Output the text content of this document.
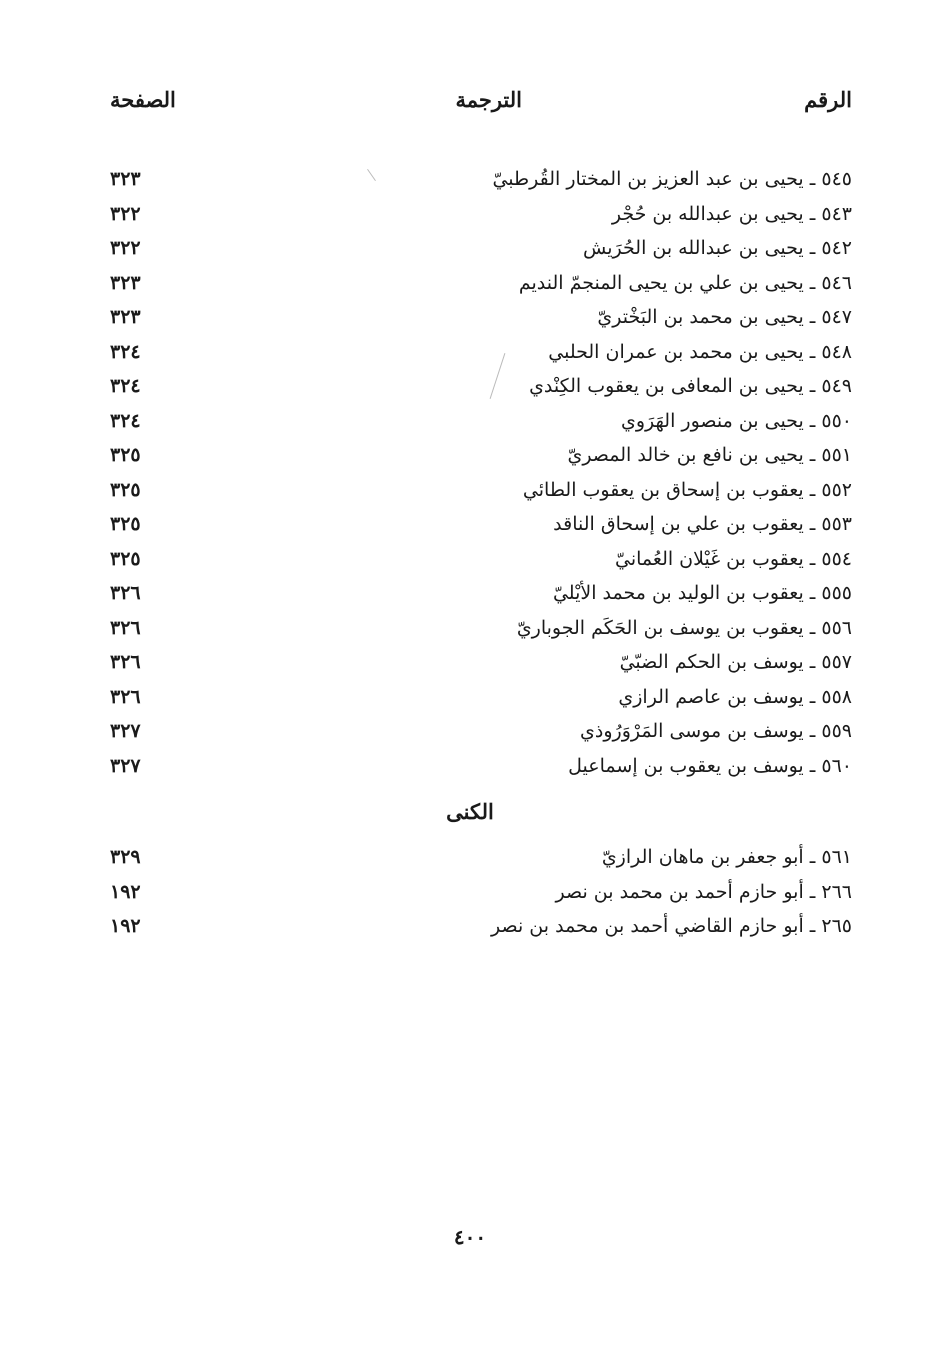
الرقم
الترجمة
الصفحة
٥٤٥ ـ يحيى بن عبد العزيز بن المختار القُرطبيّ
٣٢٣
٥٤٣ ـ يحيى بن عبدالله بن حُجْر
٣٢٢
٥٤٢ ـ يحيى بن عبدالله بن الحُرَيش
٣٢٢
٥٤٦ ـ يحيى بن علي بن يحيى المنجمّ النديم
٣٢٣
٥٤٧ ـ يحيى بن محمد بن البَخْتريّ
٣٢٣
٥٤٨ ـ يحيى بن محمد بن عمران الحلبي
٣٢٤
٥٤٩ ـ يحيى بن المعافى بن يعقوب الكِنْدي
٣٢٤
٥٥٠ ـ يحيى بن منصور الهَرَوي
٣٢٤
٥٥١ ـ يحيى بن نافع بن خالد المصريّ
٣٢٥
٥٥٢ ـ يعقوب بن إسحاق بن يعقوب الطائي
٣٢٥
٥٥٣ ـ يعقوب بن علي بن إسحاق الناقد
٣٢٥
٥٥٤ ـ يعقوب بن غَيْلان العُمانيّ
٣٢٥
٥٥٥ ـ يعقوب بن الوليد بن محمد الأيْليّ
٣٢٦
٥٥٦ ـ يعقوب بن يوسف بن الحَكَم الجوباريّ
٣٢٦
٥٥٧ ـ يوسف بن الحكم الضبّيّ
٣٢٦
٥٥٨ ـ يوسف بن عاصم الرازي
٣٢٦
٥٥٩ ـ يوسف بن موسى المَرْوَرُوذي
٣٢٧
٥٦٠ ـ يوسف بن يعقوب بن إسماعيل
٣٢٧
الكنى
٥٦١ ـ أبو جعفر بن ماهان الرازيّ
٣٢٩
٢٦٦ ـ أبو حازم أحمد بن محمد بن نصر
١٩٢
٢٦٥ ـ أبو حازم القاضي أحمد بن محمد بن نصر
١٩٢
٤٠٠
